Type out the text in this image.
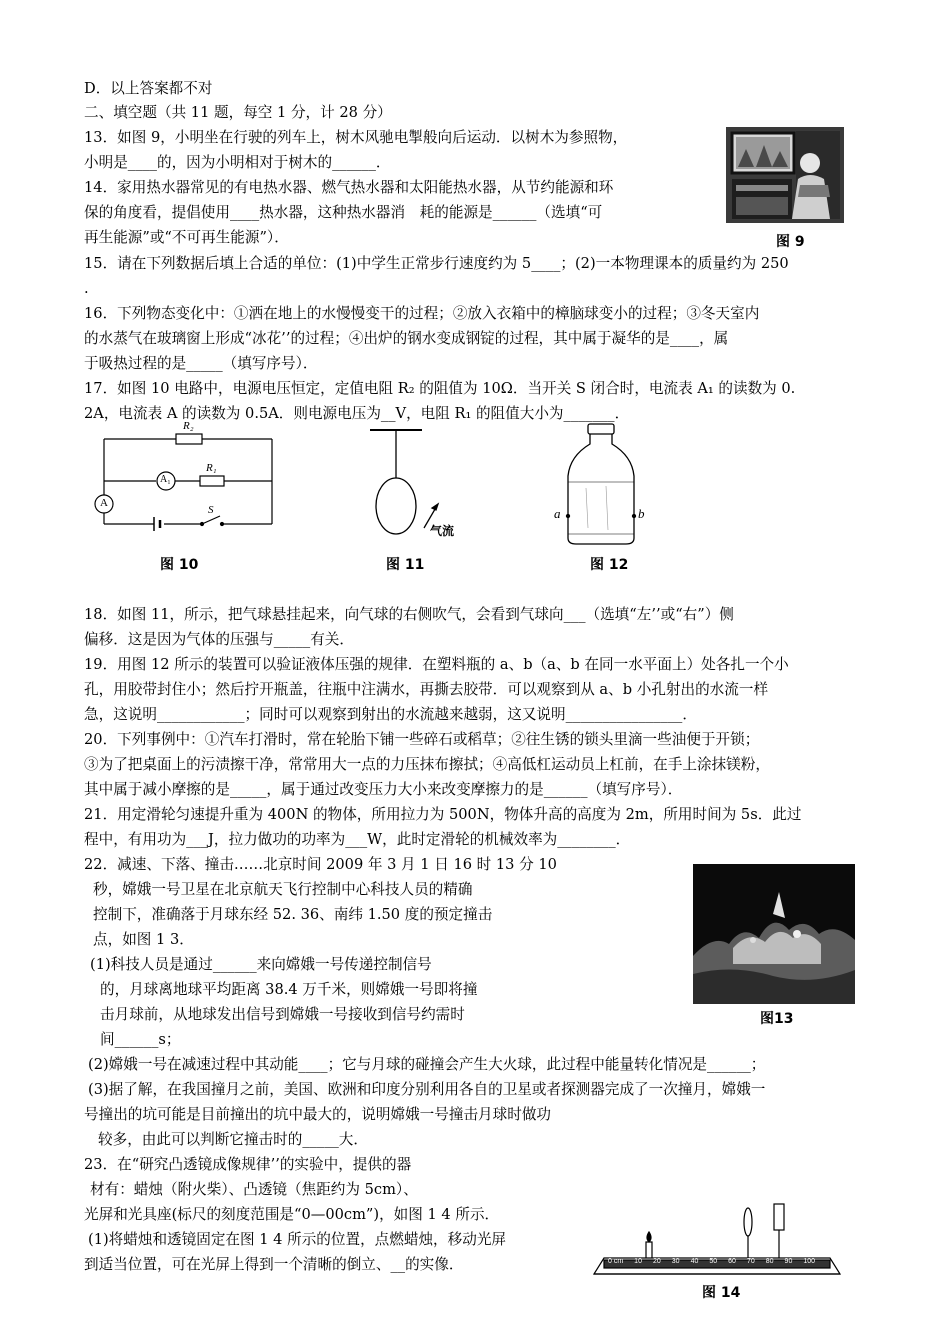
D．以上答案都不对
二、填空题（共 11 题，每空 1 分，计 28 分）
13．如图 9，小明坐在行驶的列车上，树木风驰电掣般向后运动．以树木为参照物，
小明是____的，因为小明相对于树木的______．
14．家用热水器常见的有电热水器、燃气热水器和太阳能热水器，从节约能源和环
保的角度看，提倡使用____热水器，这种热水器消　耗的能源是______（选填“可
再生能源”或“不可再生能源”）．
15．请在下列数据后填上合适的单位：(1)中学生正常步行速度约为 5____；(2)一本物理课本的质量约为 250
.
16．下列物态变化中：①洒在地上的水慢慢变干的过程；②放入衣箱中的樟脑球变小的过程；③冬天室内
的水蒸气在玻璃窗上形成“冰花’’的过程；④出炉的钢水变成钢锭的过程，其中属于凝华的是____，属
于吸热过程的是_____（填写序号）．
17．如图 10 电路中，电源电压恒定，定值电阻 R₂ 的阻值为 10Ω．当开关 S 闭合时，电流表 A₁ 的读数为 0.
2A，电流表 A 的读数为 0.5A．则电源电压为__V，电阻 R₁ 的阻值大小为_______．
18．如图 11，所示，把气球悬挂起来，向气球的右侧吹气，会看到气球向___（选填“左’’或“右”）侧
偏移．这是因为气体的压强与_____有关．
19．用图 12 所示的装置可以验证液体压强的规律．在塑料瓶的 a、b（a、b 在同一水平面上）处各扎一个小
孔，用胶带封住小；然后拧开瓶盖，往瓶中注满水，再撕去胶带．可以观察到从 a、b 小孔射出的水流一样
急，这说明____________；同时可以观察到射出的水流越来越弱，这又说明________________．
20．下列事例中：①汽车打滑时，常在轮胎下铺一些碎石或稻草；②往生锈的锁头里滴一些油便于开锁；
③为了把桌面上的污渍擦干净，常常用大一点的力压抹布擦拭；④高低杠运动员上杠前，在手上涂抹镁粉，
其中属于减小摩擦的是_____，属于通过改变压力大小来改变摩擦力的是______（填写序号）．
21．用定滑轮匀速提升重为 400N 的物体，所用拉力为 500N，物体升高的高度为 2m，所用时间为 5s．此过
程中，有用功为___J，拉力做功的功率为___W，此时定滑轮的机械效率为________．
22．减速、下落、撞击……北京时间 2009 年 3 月 1 日 16 时 13 分 10
秒，嫦娥一号卫星在北京航天飞行控制中心科技人员的精确
控制下，准确落于月球东经 52. 36、南纬 1.50 度的预定撞击
点，如图 1 3．
(1)科技人员是通过______来向嫦娥一号传递控制信号
的，月球离地球平均距离 38.4 万千米，则嫦娥一号即将撞
击月球前，从地球发出信号到嫦娥一号接收到信号约需时
间______s；
(2)嫦娥一号在减速过程中其动能____；它与月球的碰撞会产生大火球，此过程中能量转化情况是______；
(3)据了解，在我国撞月之前，美国、欧洲和印度分别利用各自的卫星或者探测器完成了一次撞月，嫦娥一
号撞出的坑可能是目前撞出的坑中最大的，说明嫦娥一号撞击月球时做功
较多，由此可以判断它撞击时的_____大．
23．在“研究凸透镜成像规律’’的实验中，提供的器
材有：蜡烛（附火柴）、凸透镜（焦距约为 5cm）、
光屏和光具座(标尺的刻度范围是“0—00cm”)，如图 1 4 所示．
(1)将蜡烛和透镜固定在图 1 4 所示的位置，点燃蜡烛，移动光屏
到适当位置，可在光屏上得到一个清晰的倒立、__的实像．
图 9
R₂
R₁
A₁
A
S
图 10
气流
图 11
a	b
图 12
图13
0 cm 10 20 30 40 50 60 70 80 90 100
图 14
